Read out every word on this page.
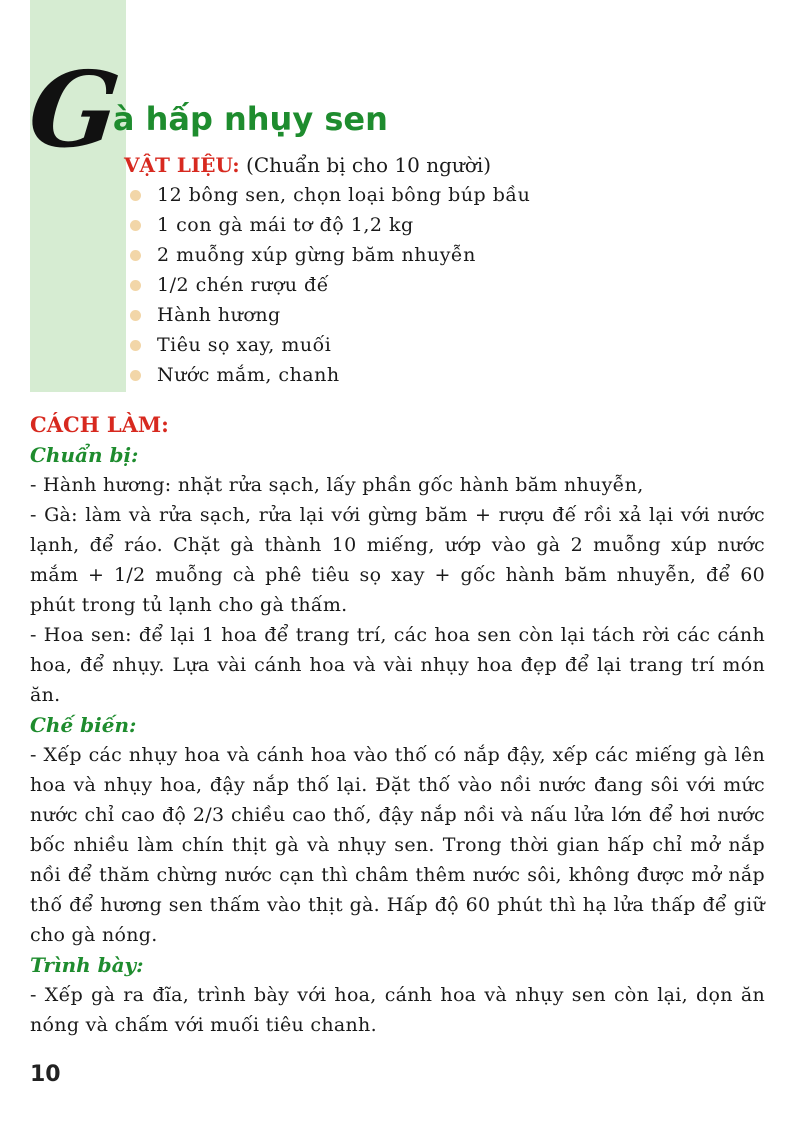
G
à hấp nhụy sen
VẬT LIỆU: (Chuẩn bị cho 10 người)
12 bông sen, chọn loại bông búp bầu
1 con gà mái tơ độ 1,2 kg
2 muỗng xúp gừng băm nhuyễn
1/2 chén rượu đế
Hành hương
Tiêu sọ xay, muối
Nước mắm, chanh
CÁCH LÀM:
Chuẩn bị:

- Hành hương: nhặt rửa sạch, lấy phần gốc hành băm nhuyễn,

- Gà: làm và rửa sạch, rửa lại với gừng băm + rượu đế rồi xả lại với nước lạnh, để ráo. Chặt gà thành 10 miếng, ướp vào gà 2 muỗng xúp nước mắm + 1/2 muỗng cà phê tiêu sọ xay + gốc hành băm nhuyễn, để 60 phút trong tủ lạnh cho gà thấm.

- Hoa sen: để lại 1 hoa để trang trí, các hoa sen còn lại tách rời các cánh hoa, để nhụy. Lựa vài cánh hoa và vài nhụy hoa đẹp để lại trang trí món ăn.

Chế biến:

- Xếp các nhụy hoa và cánh hoa vào thố có nắp đậy, xếp các miếng gà lên hoa và nhụy hoa, đậy nắp thố lại. Đặt thố vào nồi nước đang sôi với mức nước chỉ cao độ 2/3 chiều cao thố, đậy nắp nồi và nấu lửa lớn để hơi nước bốc nhiều làm chín thịt gà và nhụy sen. Trong thời gian hấp chỉ mở nắp nồi để thăm chừng nước cạn thì châm thêm nước sôi, không được mở nắp thố để hương sen thấm vào thịt gà. Hấp độ 60 phút thì hạ lửa thấp để giữ cho gà nóng.

Trình bày:

- Xếp gà ra đĩa, trình bày với hoa, cánh hoa và nhụy sen còn lại, dọn ăn nóng và chấm với muối tiêu chanh.

10
